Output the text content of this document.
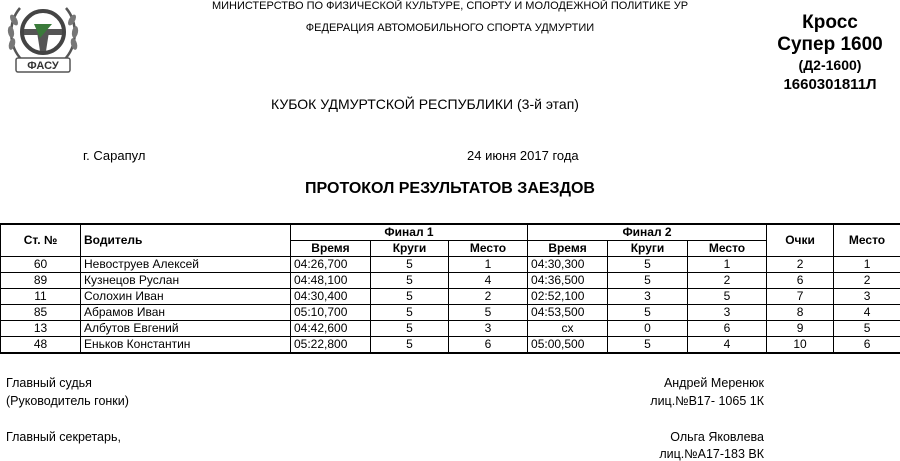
ФАСУ
МИНИСТЕРСТВО ПО ФИЗИЧЕСКОЙ КУЛЬТУРЕ, СПОРТУ И МОЛОДЕЖНОЙ ПОЛИТИКЕ УР
ФЕДЕРАЦИЯ АВТОМОБИЛЬНОГО СПОРТА УДМУРТИИ	Кросс
Супер 1600
(Д2-1600)
1660301811Л
КУБОК УДМУРТСКОЙ РЕСПУБЛИКИ (3-й этап)
г. Сарапул	24 июня 2017 года
ПРОТОКОЛ РЕЗУЛЬТАТОВ ЗАЕЗДОВ
Ст. №	Водитель	Финал 1			Финал 2			Очки	Место
		Время	Круги	Место	Время	Круги	Место		
60	Невоструев Алексей	04:26,700	5	1	04:30,300	5	1	2	1
89	Кузнецов Руслан	04:48,100	5	4	04:36,500	5	2	6	2
11	Солохин Иван	04:30,400	5	2	02:52,100	3	5	7	3
85	Абрамов Иван	05:10,700	5	5	04:53,500	5	3	8	4
13	Албутов Евгений	04:42,600	5	3	сх	0	6	9	5
48	Еньков Константин	05:22,800	5	6	05:00,500	5	4	10	6
Главный судья
(Руководитель гонки)
Андрей Меренюк
лиц.№В17- 1065 1К
Главный секретарь,	Ольга Яковлева
лиц.№А17-183 ВК
